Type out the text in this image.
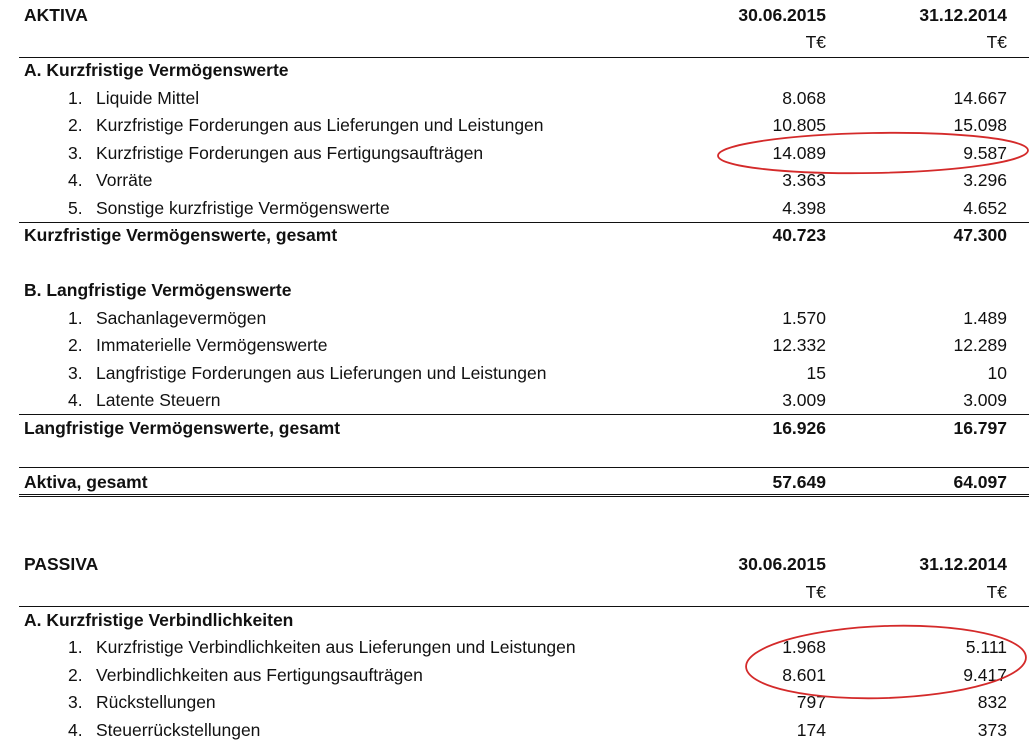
AKTIVA	30.06.2015	31.12.2014
T€	T€
A. Kurzfristige Vermögenswerte
1. Liquide Mittel	8.068	14.667
2. Kurzfristige Forderungen aus Lieferungen und Leistungen	10.805	15.098
3. Kurzfristige Forderungen aus Fertigungsaufträgen	14.089	9.587
4. Vorräte	3.363	3.296
5. Sonstige kurzfristige Vermögenswerte	4.398	4.652
Kurzfristige Vermögenswerte, gesamt	40.723	47.300
B. Langfristige Vermögenswerte
1. Sachanlagevermögen	1.570	1.489
2. Immaterielle Vermögenswerte	12.332	12.289
3. Langfristige Forderungen aus Lieferungen und Leistungen	15	10
4. Latente Steuern	3.009	3.009
Langfristige Vermögenswerte, gesamt	16.926	16.797
Aktiva, gesamt	57.649	64.097
PASSIVA	30.06.2015	31.12.2014
T€	T€
A. Kurzfristige Verbindlichkeiten
1. Kurzfristige Verbindlichkeiten aus Lieferungen und Leistungen	1.968	5.111
2. Verbindlichkeiten aus Fertigungsaufträgen	8.601	9.417
3. Rückstellungen	797	832
4. Steuerrückstellungen	174	373
